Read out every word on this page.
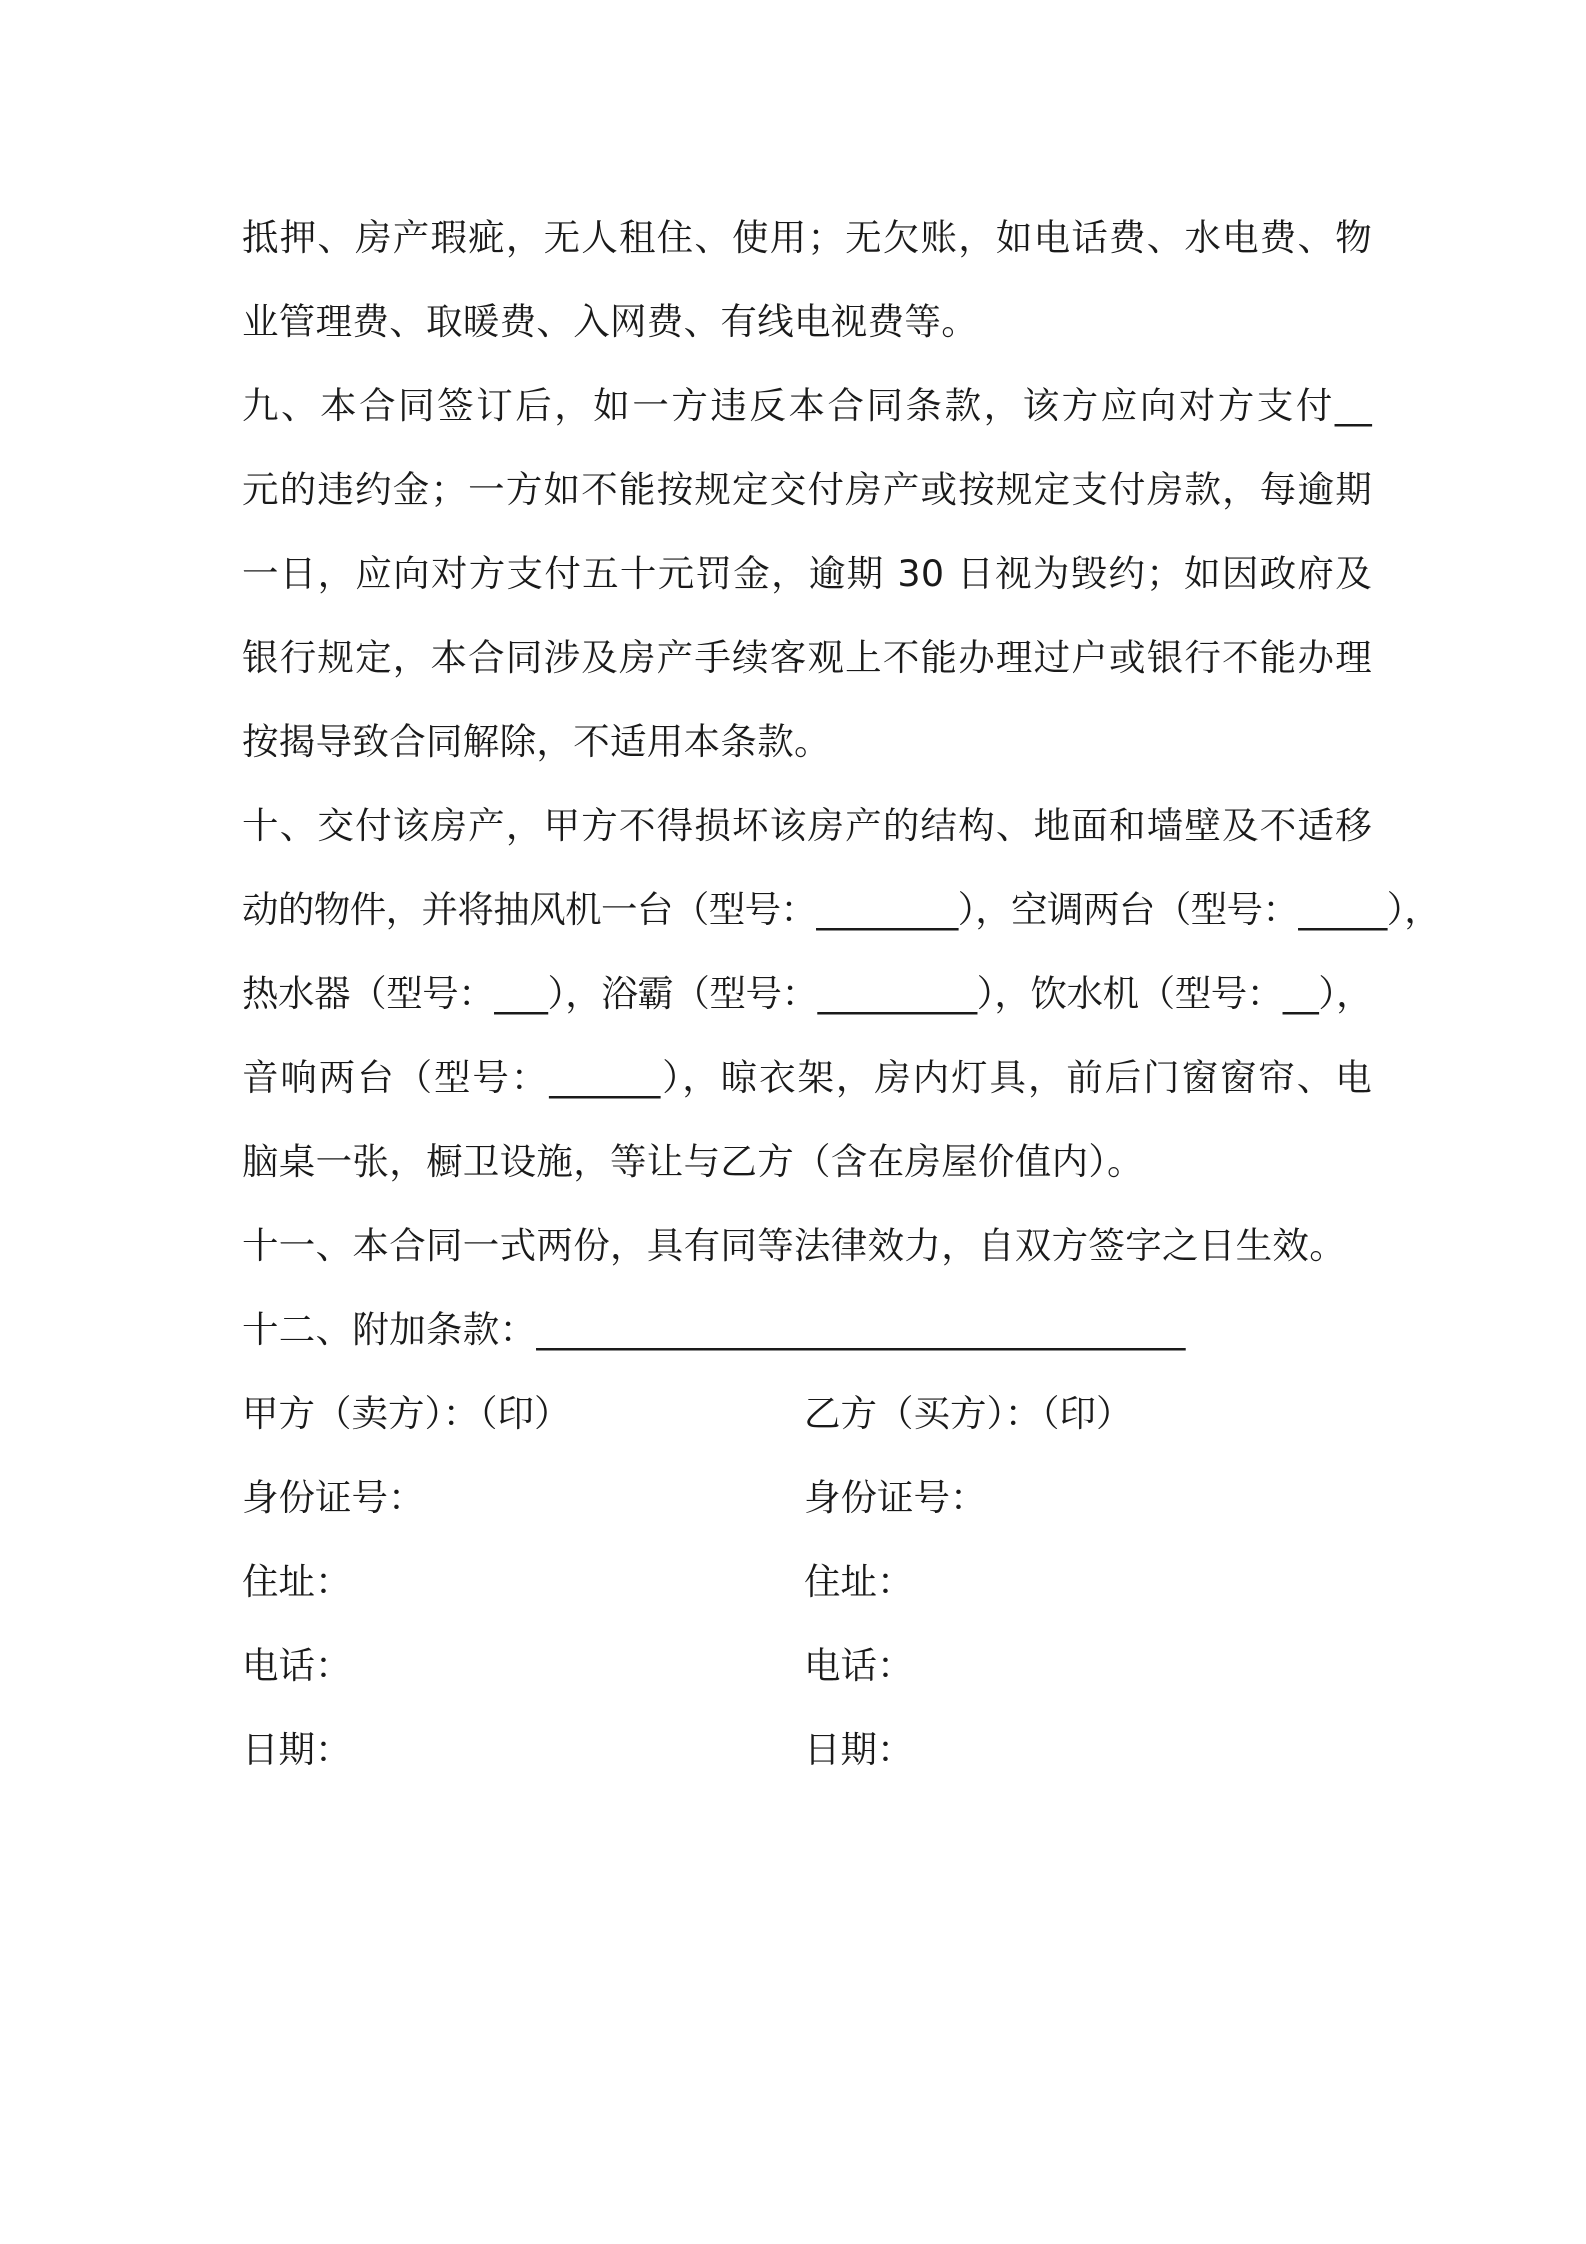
抵押、房产瑕疵，无人租住、使用；无欠账，如电话费、水电费、物
业管理费、取暖费、入网费、有线电视费等。
九、本合同签订后，如一方违反本合同条款，该方应向对方支付__
元的违约金；一方如不能按规定交付房产或按规定支付房款，每逾期
一日，应向对方支付五十元罚金，逾期 30 日视为毁约；如因政府及
银行规定，本合同涉及房产手续客观上不能办理过户或银行不能办理
按揭导致合同解除，不适用本条款。
十、交付该房产，甲方不得损坏该房产的结构、地面和墙壁及不适移
动的物件，并将抽风机一台（型号：________），空调两台（型号：_____），
热水器（型号：___），浴霸（型号：_________），饮水机（型号：__），
音响两台（型号：______），晾衣架，房内灯具，前后门窗窗帘、电
脑桌一张，橱卫设施，等让与乙方（含在房屋价值内）。
十一、本合同一式两份，具有同等法律效力，自双方签字之日生效。
十二、附加条款：___________________________________
甲方（卖方）：（印）	乙方（买方）：（印）
身份证号：	身份证号：
住址：	住址：
电话：	电话：
日期：	日期：
